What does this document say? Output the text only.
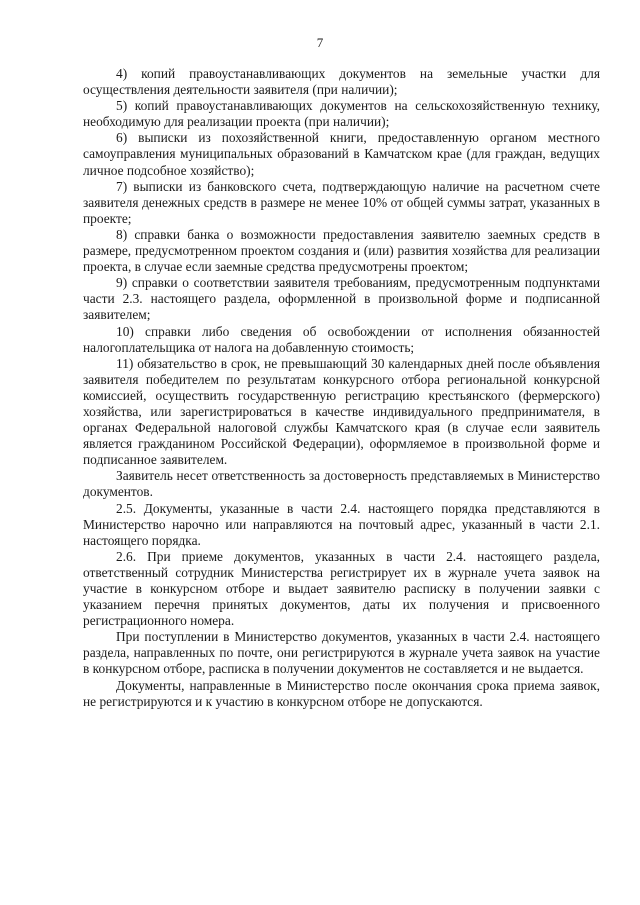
7

4) копий правоустанавливающих документов на земельные участки для осуществления деятельности заявителя (при наличии);

5) копий правоустанавливающих документов на сельскохозяйственную технику, необходимую для реализации проекта (при наличии);

6) выписки из похозяйственной книги, предоставленную органом местного самоуправления муниципальных образований в Камчатском крае (для граждан, ведущих личное подсобное хозяйство);

7) выписки из банковского счета, подтверждающую наличие на расчетном счете заявителя денежных средств в размере не менее 10% от общей суммы затрат, указанных в проекте;

8) справки банка о возможности предоставления заявителю заемных средств в размере, предусмотренном проектом создания и (или) развития хозяйства для реализации проекта, в случае если заемные средства предусмотрены проектом;

9) справки о соответствии заявителя требованиям, предусмотренным подпунктами части 2.3. настоящего раздела, оформленной в произвольной форме и подписанной заявителем;

10) справки либо сведения об освобождении от исполнения обязанностей налогоплательщика от налога на добавленную стоимость;

11) обязательство в срок, не превышающий 30 календарных дней после объявления заявителя победителем по результатам конкурсного отбора региональной конкурсной комиссией, осуществить государственную регистрацию крестьянского (фермерского) хозяйства, или зарегистрироваться в качестве индивидуального предпринимателя, в органах Федеральной налоговой службы Камчатского края (в случае если заявитель является гражданином Российской Федерации), оформляемое в произвольной форме и подписанное заявителем.

Заявитель несет ответственность за достоверность представляемых в Министерство документов.

2.5. Документы, указанные в части 2.4. настоящего порядка представляются в Министерство нарочно или направляются на почтовый адрес, указанный в части 2.1. настоящего порядка.

2.6. При приеме документов, указанных в части 2.4. настоящего раздела, ответственный сотрудник Министерства регистрирует их в журнале учета заявок на участие в конкурсном отборе и выдает заявителю расписку в получении заявки с указанием перечня принятых документов, даты их получения и присвоенного регистрационного номера.

При поступлении в Министерство документов, указанных в части 2.4. настоящего раздела, направленных по почте, они регистрируются в журнале учета заявок на участие в конкурсном отборе, расписка в получении документов не составляется и не выдается.

Документы, направленные в Министерство после окончания срока приема заявок, не регистрируются и к участию в конкурсном отборе не допускаются.
